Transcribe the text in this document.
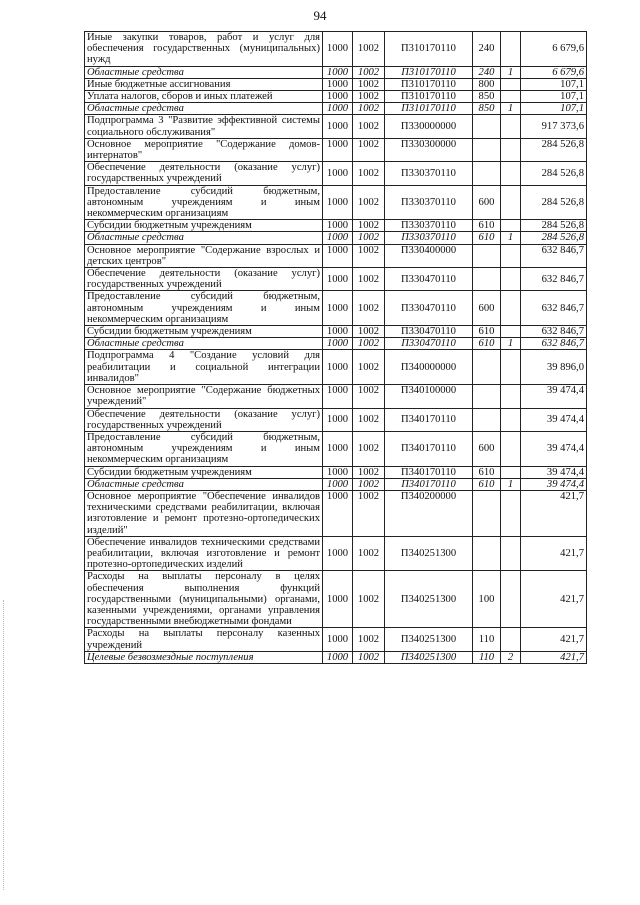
94
Иные закупки товаров, работ и услуг для обеспечения государственных (муниципальных) нужд	1000	1002	П310170110	240		6 679,6
Областные средства	1000	1002	П310170110	240	1	6 679,6
Иные бюджетные ассигнования	1000	1002	П310170110	800		107,1
Уплата налогов, сборов и иных платежей	1000	1002	П310170110	850		107,1
Областные средства	1000	1002	П310170110	850	1	107,1
Подпрограмма 3 "Развитие эффективной системы социального обслуживания"	1000	1002	П330000000			917 373,6
Основное мероприятие "Содержание домов-интернатов"	1000	1002	П330300000			284 526,8
Обеспечение деятельности (оказание услуг) государственных учреждений	1000	1002	П330370110			284 526,8
Предоставление субсидий бюджетным, автономным учреждениям и иным некоммерческим организациям	1000	1002	П330370110	600		284 526,8
Субсидии бюджетным учреждениям	1000	1002	П330370110	610		284 526,8
Областные средства	1000	1002	П330370110	610	1	284 526,8
Основное мероприятие "Содержание взрослых и детских центров"	1000	1002	П330400000			632 846,7
Обеспечение деятельности (оказание услуг) государственных учреждений	1000	1002	П330470110			632 846,7
Предоставление субсидий бюджетным, автономным учреждениям и иным некоммерческим организациям	1000	1002	П330470110	600		632 846,7
Субсидии бюджетным учреждениям	1000	1002	П330470110	610		632 846,7
Областные средства	1000	1002	П330470110	610	1	632 846,7
Подпрограмма 4 "Создание условий для реабилитации и социальной интеграции инвалидов"	1000	1002	П340000000			39 896,0
Основное мероприятие "Содержание бюджетных учреждений"	1000	1002	П340100000			39 474,4
Обеспечение деятельности (оказание услуг) государственных учреждений	1000	1002	П340170110			39 474,4
Предоставление субсидий бюджетным, автономным учреждениям и иным некоммерческим организациям	1000	1002	П340170110	600		39 474,4
Субсидии бюджетным учреждениям	1000	1002	П340170110	610		39 474,4
Областные средства	1000	1002	П340170110	610	1	39 474,4
Основное мероприятие "Обеспечение инвалидов техническими средствами реабилитации, включая изготовление и ремонт протезно-ортопедических изделий"	1000	1002	П340200000			421,7
Обеспечение инвалидов техническими средствами реабилитации, включая изготовление и ремонт протезно-ортопедических изделий	1000	1002	П340251300			421,7
Расходы на выплаты персоналу в целях обеспечения выполнения функций государственными (муниципальными) органами, казенными учреждениями, органами управления государственными внебюджетными фондами	1000	1002	П340251300	100		421,7
Расходы на выплаты персоналу казенных учреждений	1000	1002	П340251300	110		421,7
Целевые безвозмездные поступления	1000	1002	П340251300	110	2	421,7
